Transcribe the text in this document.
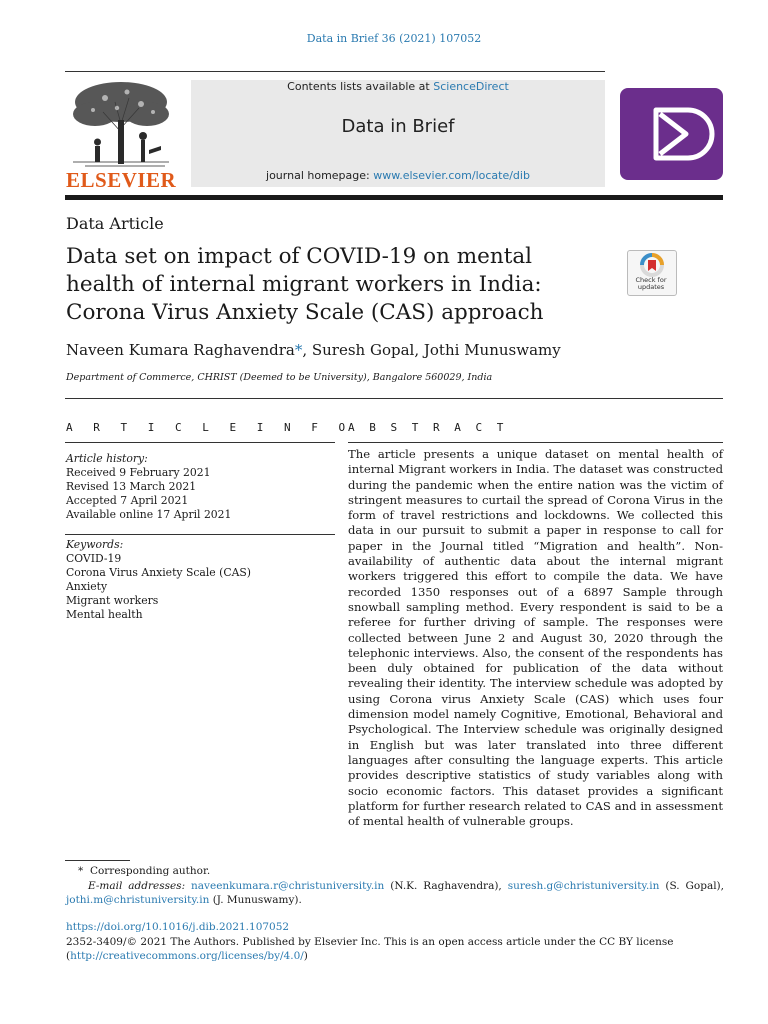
Data in Brief 36 (2021) 107052
ELSEVIER
Contents lists available at ScienceDirect
Data in Brief
journal homepage: www.elsevier.com/locate/dib
Data Article
Data set on impact of COVID-19 on mental health of internal migrant workers in India: Corona Virus Anxiety Scale (CAS) approach
Check for updates
Naveen Kumara Raghavendra*, Suresh Gopal, Jothi Munuswamy
Department of Commerce, CHRIST (Deemed to be University), Bangalore 560029, India
A R T I C L E I N F O
Article history:
Received 9 February 2021
Revised 13 March 2021
Accepted 7 April 2021
Available online 17 April 2021
Keywords:
COVID-19
Corona Virus Anxiety Scale (CAS)
Anxiety
Migrant workers
Mental health
A B S T R A C T
The article presents a unique dataset on mental health of internal Migrant workers in India. The dataset was constructed during the pandemic when the entire nation was the victim of stringent measures to curtail the spread of Corona Virus in the form of travel restrictions and lockdowns. We collected this data in our pursuit to submit a paper in response to call for paper in the Journal titled “Migration and health”. Non-availability of authentic data about the internal migrant workers triggered this effort to compile the data. We have recorded 1350 responses out of a 6897 Sample through snowball sampling method. Every respondent is said to be a referee for further driving of sample. The responses were collected between June 2 and August 30, 2020 through the telephonic interviews. Also, the consent of the respondents has been duly obtained for publication of the data without revealing their identity. The interview schedule was adopted by using Corona virus Anxiety Scale (CAS) which uses four dimension model namely Cognitive, Emotional, Behavioral and Psychological. The Interview schedule was originally designed in English but was later translated into three different languages after consulting the language experts. This article provides descriptive statistics of study variables along with socio economic factors. This dataset provides a significant platform for further research related to CAS and in assessment of mental health of vulnerable groups.
* Corresponding author.
E-mail addresses: naveenkumara.r@christuniversity.in (N.K. Raghavendra), suresh.g@christuniversity.in (S. Gopal), jothi.m@christuniversity.in (J. Munuswamy).
https://doi.org/10.1016/j.dib.2021.107052
2352-3409/© 2021 The Authors. Published by Elsevier Inc. This is an open access article under the CC BY license
(http://creativecommons.org/licenses/by/4.0/)
